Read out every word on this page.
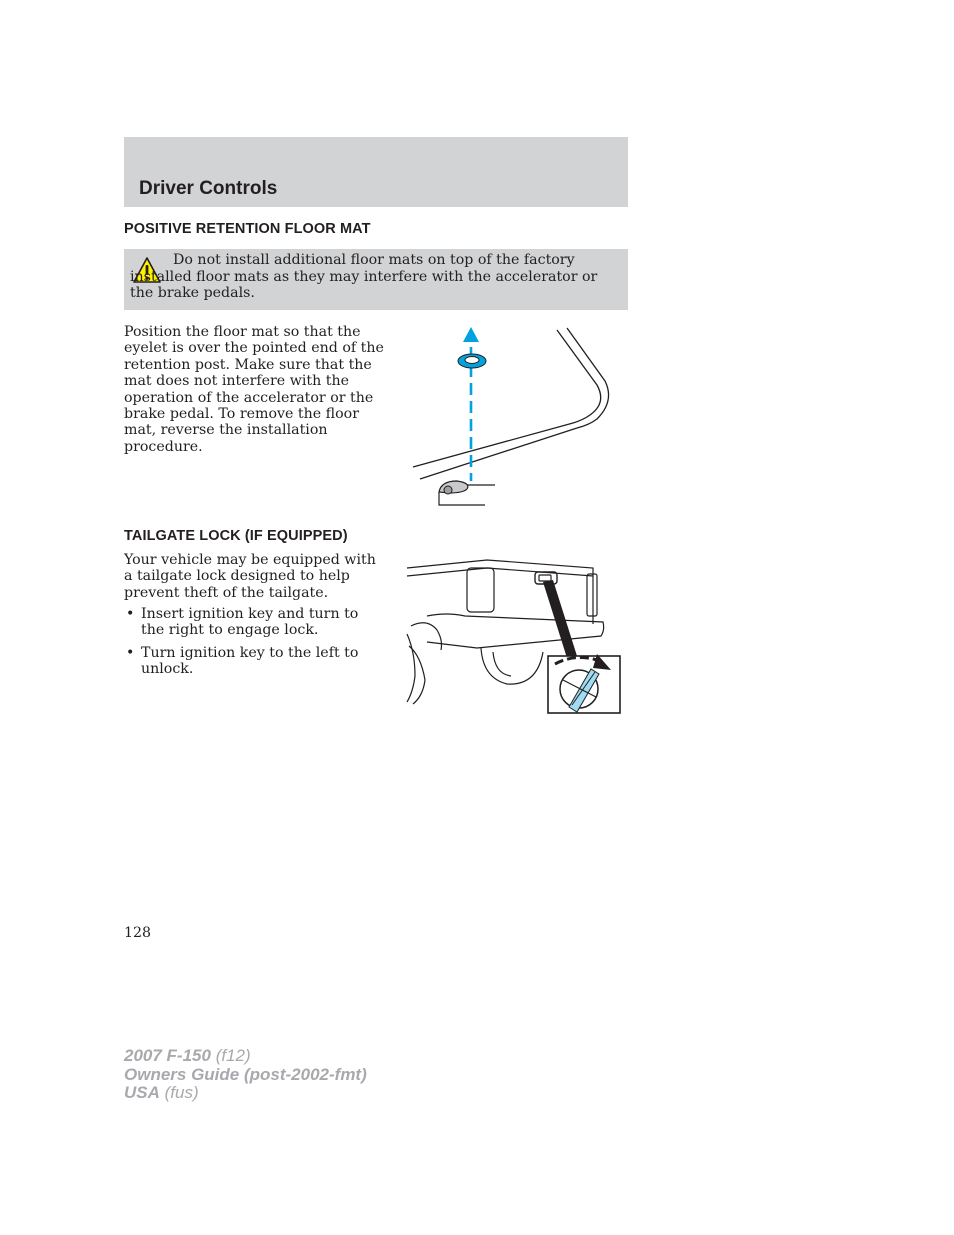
Driver Controls
POSITIVE RETENTION FLOOR MAT

Do not install additional floor mats on top of the factory installed floor mats as they may interfere with the accelerator or the brake pedals.

Position the floor mat so that the eyelet is over the pointed end of the retention post. Make sure that the mat does not interfere with the operation of the accelerator or the brake pedal. To remove the floor mat, reverse the installation procedure.

TAILGATE LOCK (IF EQUIPPED)

Your vehicle may be equipped with a tailgate lock designed to help prevent theft of the tailgate.

• Insert ignition key and turn to the right to engage lock.
• Turn ignition key to the left to unlock.

128

2007 F-150 (f12)
Owners Guide (post-2002-fmt)
USA (fus)
